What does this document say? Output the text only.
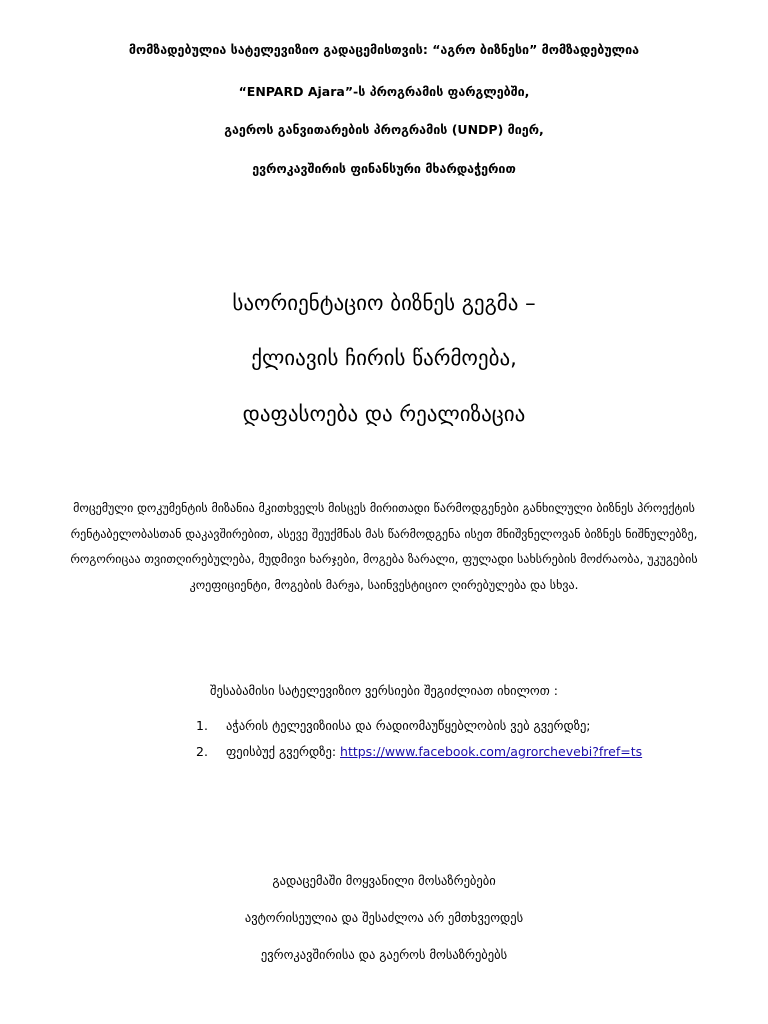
მომზადებულია სატელევიზიო გადაცემისთვის: “აგრო ბიზნესი” მომზადებულია
“ENPARD Ajara”-ს პროგრამის ფარგლებში,
გაეროს განვითარების პროგრამის (UNDP) მიერ,
ევროკავშირის ფინანსური მხარდაჭერით
საორიენტაციო ბიზნეს გეგმა –
ქლიავის ჩირის წარმოება,
დაფასოება და რეალიზაცია

მოცემული დოკუმენტის მიზანია მკითხველს მისცეს მირითადი წარმოდგენები განხილული ბიზნეს პროექტის რენტაბელობასთან დაკავშირებით, ასევე შეუქმნას მას წარმოდგენა ისეთ მნიშვნელოვან ბიზნეს ნიშნულებზე, როგორიცაა თვითღირებულება, მუდმივი ხარჯები, მოგება ზარალი, ფულადი სახსრების მოძრაობა, უკუგების კოეფიციენტი, მოგების მარჟა, საინვესტიციო ღირებულება და სხვა.

შესაბამისი სატელევიზიო ვერსიები შეგიძლიათ იხილოთ :
1. აჭარის ტელევიზიისა და რადიომაუწყებლობის ვებ გვერდზე;
2. ფეისბუქ გვერდზე: https://www.facebook.com/agrorchevebi?fref=ts
გადაცემაში მოყვანილი მოსაზრებები
ავტორისეულია და შესაძლოა არ ემთხვეოდეს
ევროკავშირისა და გაეროს მოსაზრებებს
